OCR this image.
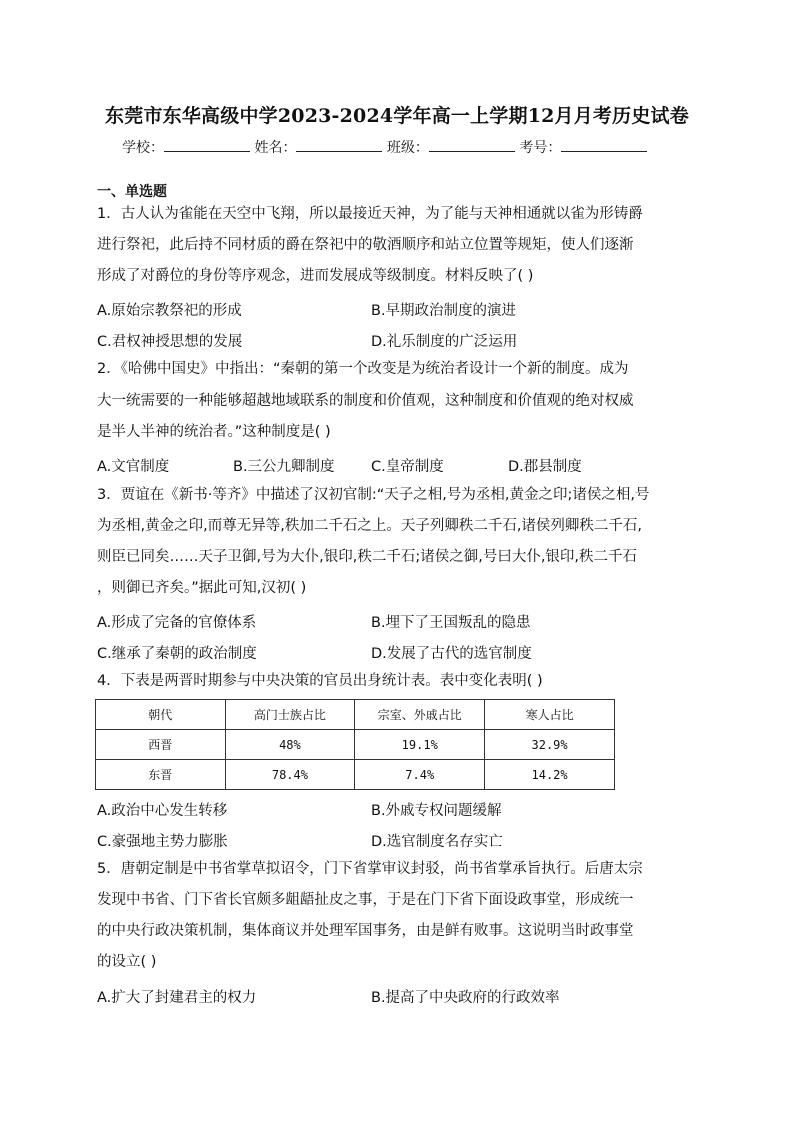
东莞市东华高级中学2023-2024学年高一上学期12月月考历史试卷
学校：	姓名：	班级：	考号：
一、单选题
1．古人认为雀能在天空中飞翔，所以最接近天神，为了能与天神相通就以雀为形铸爵
进行祭祀，此后持不同材质的爵在祭祀中的敬酒顺序和站立位置等规矩，使人们逐渐
形成了对爵位的身份等序观念，进而发展成等级制度。材料反映了( )
A.原始宗教祭祀的形成	B.早期政治制度的演进
C.君权神授思想的发展	D.礼乐制度的广泛运用
2．《哈佛中国史》中指出：“秦朝的第一个改变是为统治者设计一个新的制度。成为
大一统需要的一种能够超越地域联系的制度和价值观，这种制度和价值观的绝对权威
是半人半神的统治者。”这种制度是( )
A.文官制度	B.三公九卿制度	C.皇帝制度	D.郡县制度
3．贾谊在《新书·等齐》中描述了汉初官制:“天子之相,号为丞相,黄金之印;诸侯之相,号
为丞相,黄金之印,而尊无异等,秩加二千石之上。天子列卿秩二千石,诸侯列卿秩二千石,
则臣已同矣……天子卫御,号为大仆,银印,秩二千石;诸侯之御,号曰大仆,银印,秩二千石
，则御已齐矣。”据此可知,汉初( )
A.形成了完备的官僚体系	B.埋下了王国叛乱的隐患
C.继承了秦朝的政治制度	D.发展了古代的选官制度
4．下表是两晋时期参与中央决策的官员出身统计表。表中变化表明( )
朝代	高门士族占比	宗室、外戚占比	寒人占比
西晋	48%	19.1%	32.9%
东晋	78.4%	7.4%	14.2%
A.政治中心发生转移	B.外戚专权问题缓解
C.豪强地主势力膨胀	D.选官制度名存实亡
5．唐朝定制是中书省掌草拟诏令，门下省掌审议封驳，尚书省掌承旨执行。后唐太宗
发现中书省、门下省长官颇多龃龉扯皮之事，于是在门下省下面设政事堂，形成统一
的中央行政决策机制，集体商议并处理军国事务，由是鲜有败事。这说明当时政事堂
的设立( )
A.扩大了封建君主的权力	B.提高了中央政府的行政效率
